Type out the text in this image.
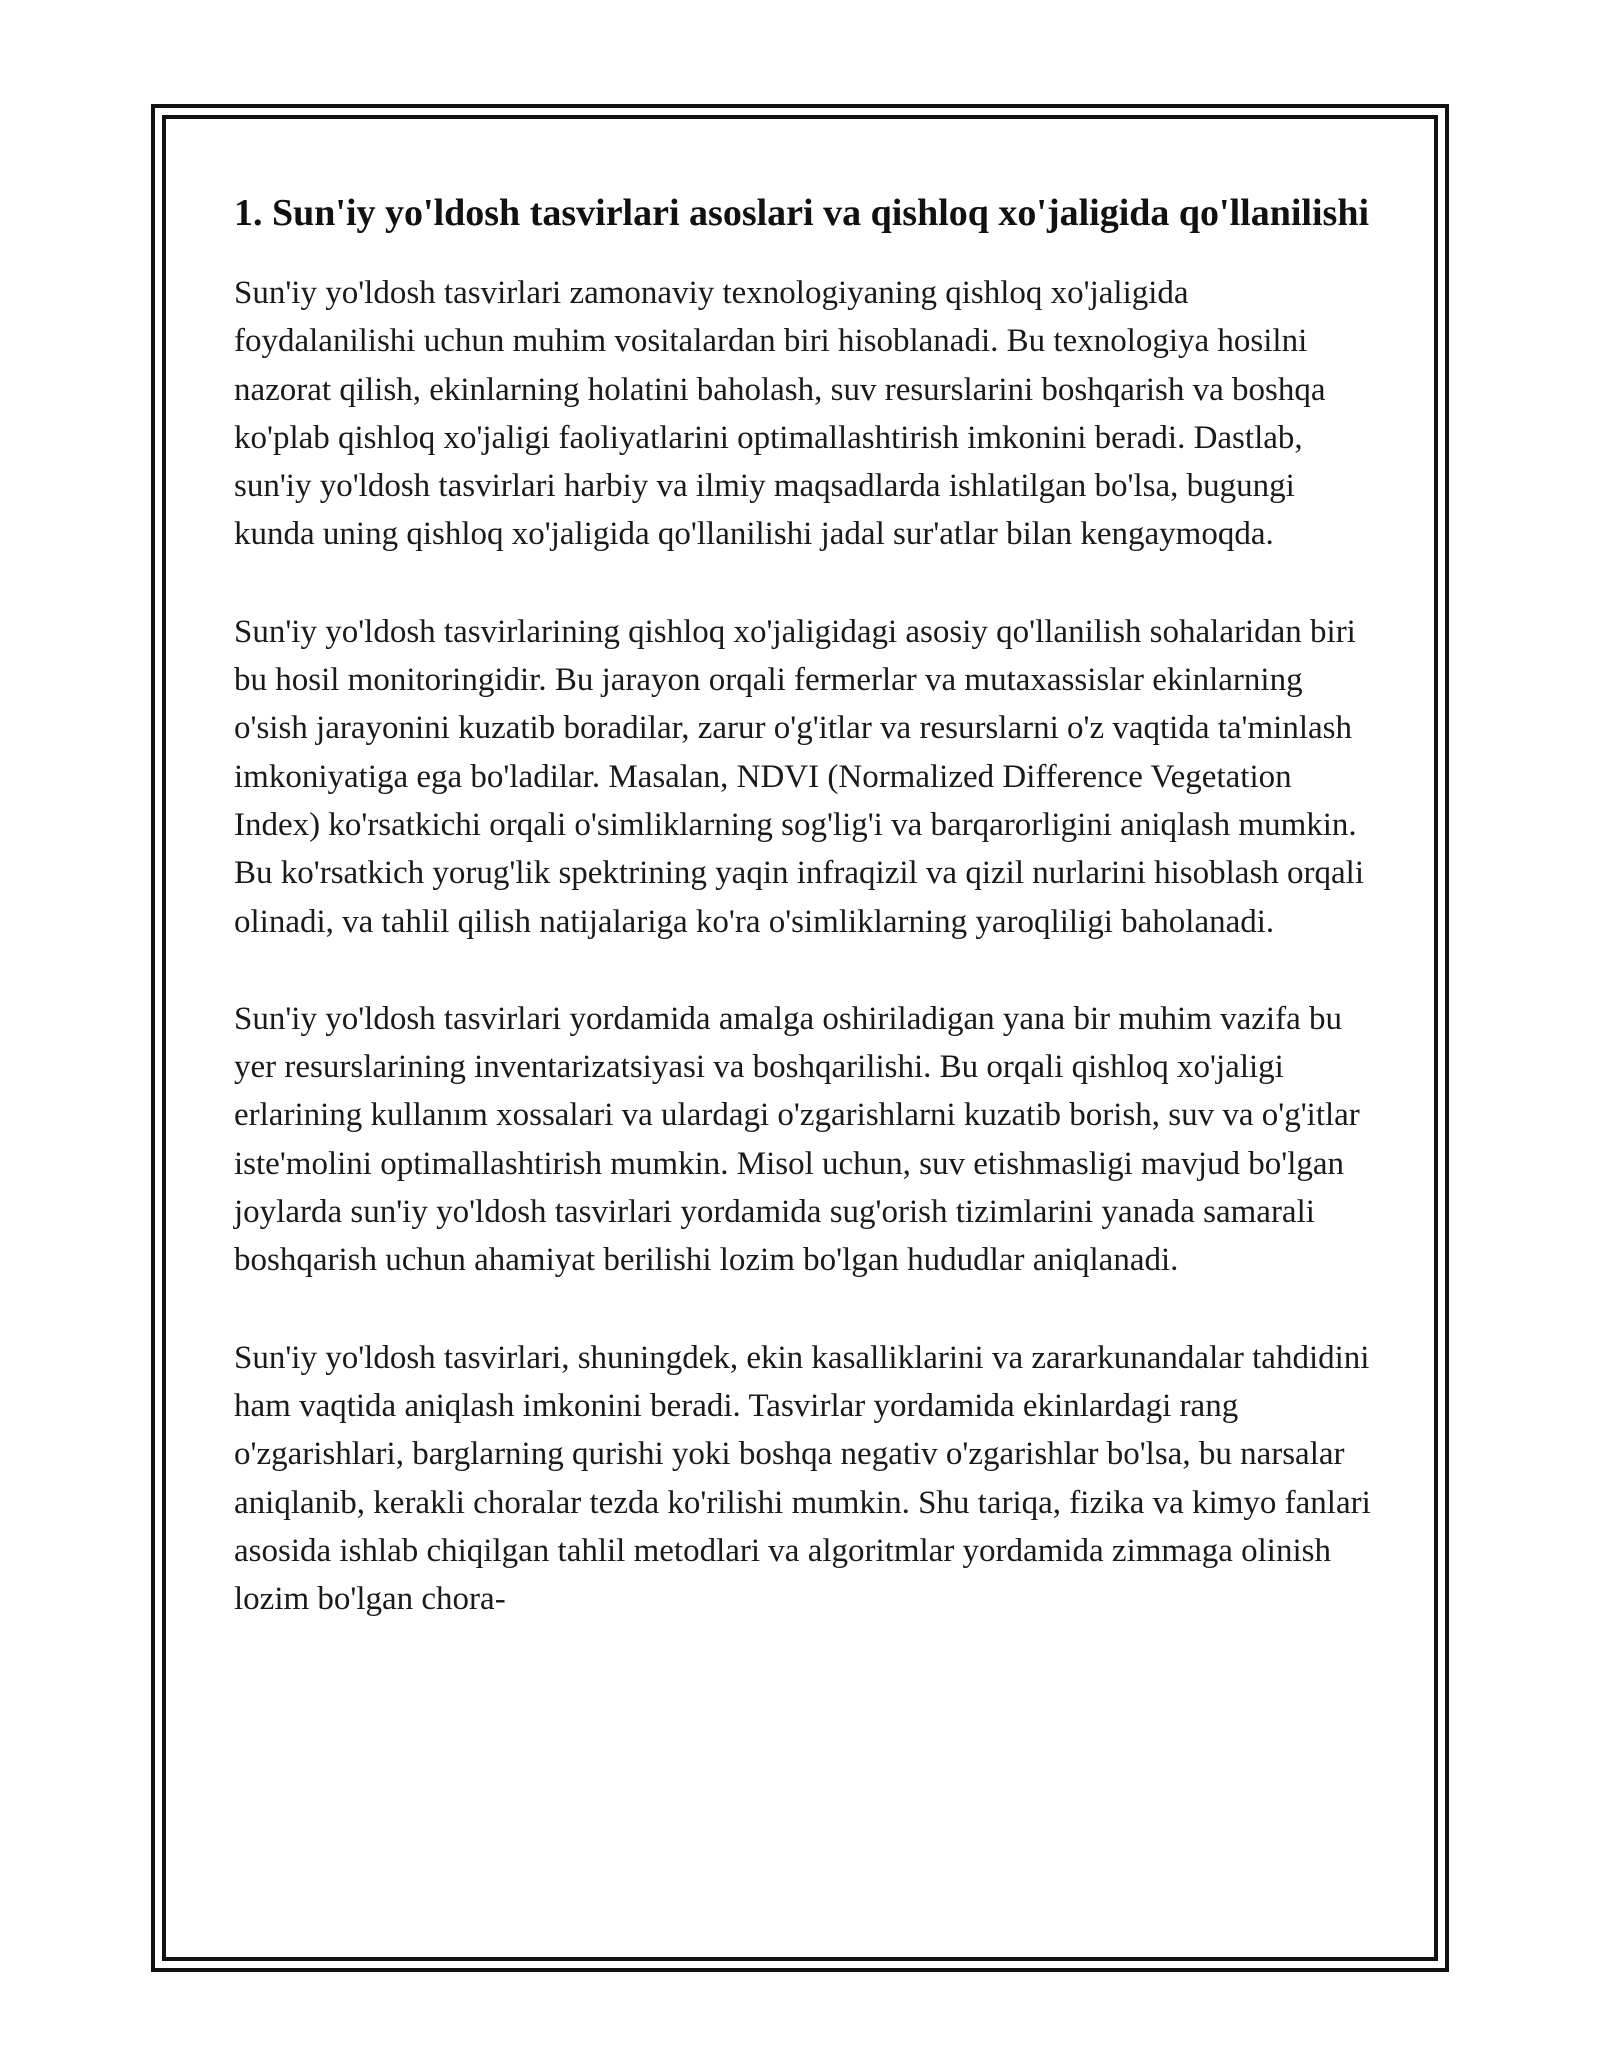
1. Sun'iy yo'ldosh tasvirlari asoslari va qishloq xo'jaligida qo'llanilishi

Sun'iy yo'ldosh tasvirlari zamonaviy texnologiyaning qishloq xo'jaligida foydalanilishi uchun muhim vositalardan biri hisoblanadi. Bu texnologiya hosilni nazorat qilish, ekinlarning holatini baholash, suv resurslarini boshqarish va boshqa ko'plab qishloq xo'jaligi faoliyatlarini optimallashtirish imkonini beradi. Dastlab, sun'iy yo'ldosh tasvirlari harbiy va ilmiy maqsadlarda ishlatilgan bo'lsa, bugungi kunda uning qishloq xo'jaligida qo'llanilishi jadal sur'atlar bilan kengaymoqda.

Sun'iy yo'ldosh tasvirlarining qishloq xo'jaligidagi asosiy qo'llanilish sohalaridan biri bu hosil monitoringidir. Bu jarayon orqali fermerlar va mutaxassislar ekinlarning o'sish jarayonini kuzatib boradilar, zarur o'g'itlar va resurslarni o'z vaqtida ta'minlash imkoniyatiga ega bo'ladilar. Masalan, NDVI (Normalized Difference Vegetation Index) ko'rsatkichi orqali o'simliklarning sog'lig'i va barqarorligini aniqlash mumkin. Bu ko'rsatkich yorug'lik spektrining yaqin infraqizil va qizil nurlarini hisoblash orqali olinadi, va tahlil qilish natijalariga ko'ra o'simliklarning yaroqliligi baholanadi.

Sun'iy yo'ldosh tasvirlari yordamida amalga oshiriladigan yana bir muhim vazifa bu yer resurslarining inventarizatsiyasi va boshqarilishi. Bu orqali qishloq xo'jaligi erlarining kullanım xossalari va ulardagi o'zgarishlarni kuzatib borish, suv va o'g'itlar iste'molini optimallashtirish mumkin. Misol uchun, suv etishmasligi mavjud bo'lgan joylarda sun'iy yo'ldosh tasvirlari yordamida sug'orish tizimlarini yanada samarali boshqarish uchun ahamiyat berilishi lozim bo'lgan hududlar aniqlanadi.

Sun'iy yo'ldosh tasvirlari, shuningdek, ekin kasalliklarini va zararkunandalar tahdidini ham vaqtida aniqlash imkonini beradi. Tasvirlar yordamida ekinlardagi rang o'zgarishlari, barglarning qurishi yoki boshqa negativ o'zgarishlar bo'lsa, bu narsalar aniqlanib, kerakli choralar tezda ko'rilishi mumkin. Shu tariqa, fizika va kimyo fanlari asosida ishlab chiqilgan tahlil metodlari va algoritmlar yordamida zimmaga olinish lozim bo'lgan chora-
